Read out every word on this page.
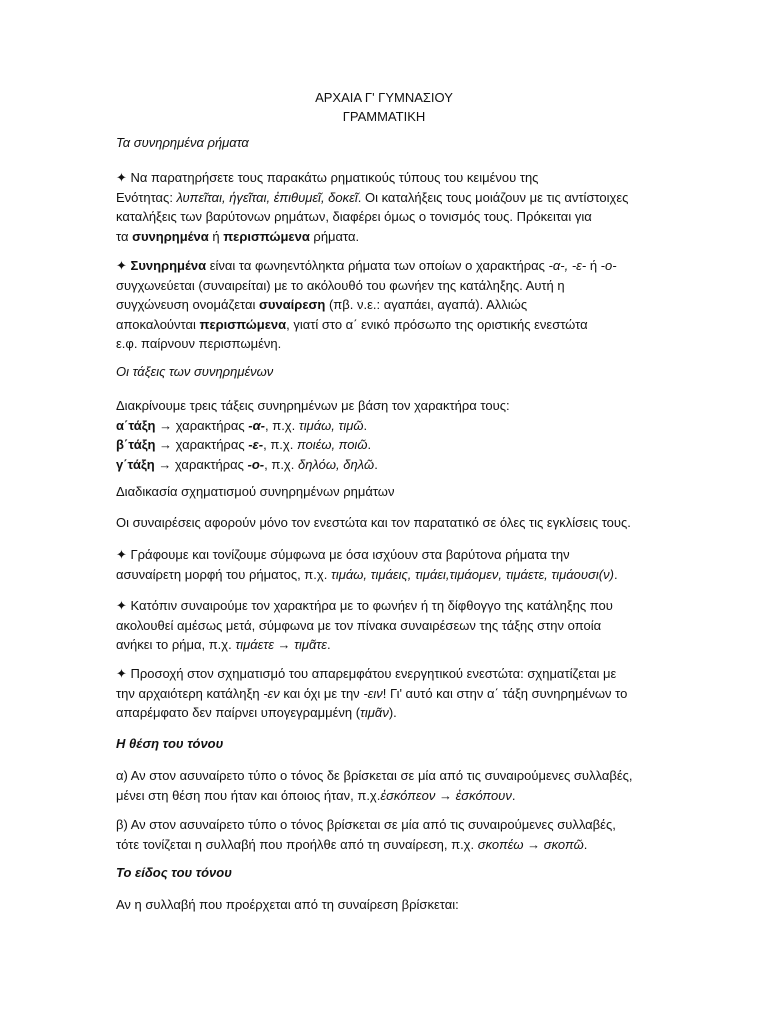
ΑΡΧΑΙΑ Γ' ΓΥΜΝΑΣΙΟΥ
ΓΡΑΜΜΑΤΙΚΗ
Τα συνηρημένα ρήματα
✦ Να παρατηρήσετε τους παρακάτω ρηματικούς τύπους του κειμένου της
Ενότητας: λυπεῖται, ἡγεῖται, ἐπιθυμεῖ, δοκεῖ. Οι καταλήξεις τους μοιάζουν με τις αντίστοιχες
καταλήξεις των βαρύτονων ρημάτων, διαφέρει όμως ο τονισμός τους. Πρόκειται για
τα συνηρημένα ή περισπώμενα ρήματα.
✦ Συνηρημένα είναι τα φωνηεντόληκτα ρήματα των οποίων ο χαρακτήρας -α-, -ε- ή -ο-
συγχωνεύεται (συναιρείται) με το ακόλουθό του φωνήεν της κατάληξης. Αυτή η
συγχώνευση ονομάζεται συναίρεση (πβ. ν.ε.: αγαπάει, αγαπά). Αλλιώς
αποκαλούνται περισπώμενα, γιατί στο α΄ ενικό πρόσωπο της οριστικής ενεστώτα
ε.φ. παίρνουν περισπωμένη.
Οι τάξεις των συνηρημένων
Διακρίνουμε τρεις τάξεις συνηρημένων με βάση τον χαρακτήρα τους:
α΄τάξη → χαρακτήρας -α-, π.χ. τιμάω, τιμῶ.
β΄τάξη → χαρακτήρας -ε-, π.χ. ποιέω, ποιῶ.
γ΄τάξη → χαρακτήρας -ο-, π.χ. δηλόω, δηλῶ.
Διαδικασία σχηματισμού συνηρημένων ρημάτων
Οι συναιρέσεις αφορούν μόνο τον ενεστώτα και τον παρατατικό σε όλες τις εγκλίσεις τους.
✦ Γράφουμε και τονίζουμε σύμφωνα με όσα ισχύουν στα βαρύτονα ρήματα την
ασυναίρετη μορφή του ρήματος, π.χ. τιμάω, τιμάεις, τιμάει,τιμάομεν, τιμάετε, τιμάουσι(ν).
✦ Κατόπιν συναιρούμε τον χαρακτήρα με το φωνήεν ή τη δίφθογγο της κατάληξης που
ακολουθεί αμέσως μετά, σύμφωνα με τον πίνακα συναιρέσεων της τάξης στην οποία
ανήκει το ρήμα, π.χ. τιμάετε → τιμᾶτε.
✦ Προσοχή στον σχηματισμό του απαρεμφάτου ενεργητικού ενεστώτα: σχηματίζεται με
την αρχαιότερη κατάληξη -εν και όχι με την -ειν! Γι' αυτό και στην α΄ τάξη συνηρημένων το
απαρέμφατο δεν παίρνει υπογεγραμμένη (τιμᾶν).
Η θέση του τόνου
α) Αν στον ασυναίρετο τύπο ο τόνος δε βρίσκεται σε μία από τις συναιρούμενες συλλαβές,
μένει στη θέση που ήταν και όποιος ήταν, π.χ.ἐσκόπεον → ἐσκόπουν.
β) Αν στον ασυναίρετο τύπο ο τόνος βρίσκεται σε μία από τις συναιρούμενες συλλαβές,
τότε τονίζεται η συλλαβή που προήλθε από τη συναίρεση, π.χ. σκοπέω → σκοπῶ.
Το είδος του τόνου
Αν η συλλαβή που προέρχεται από τη συναίρεση βρίσκεται:
